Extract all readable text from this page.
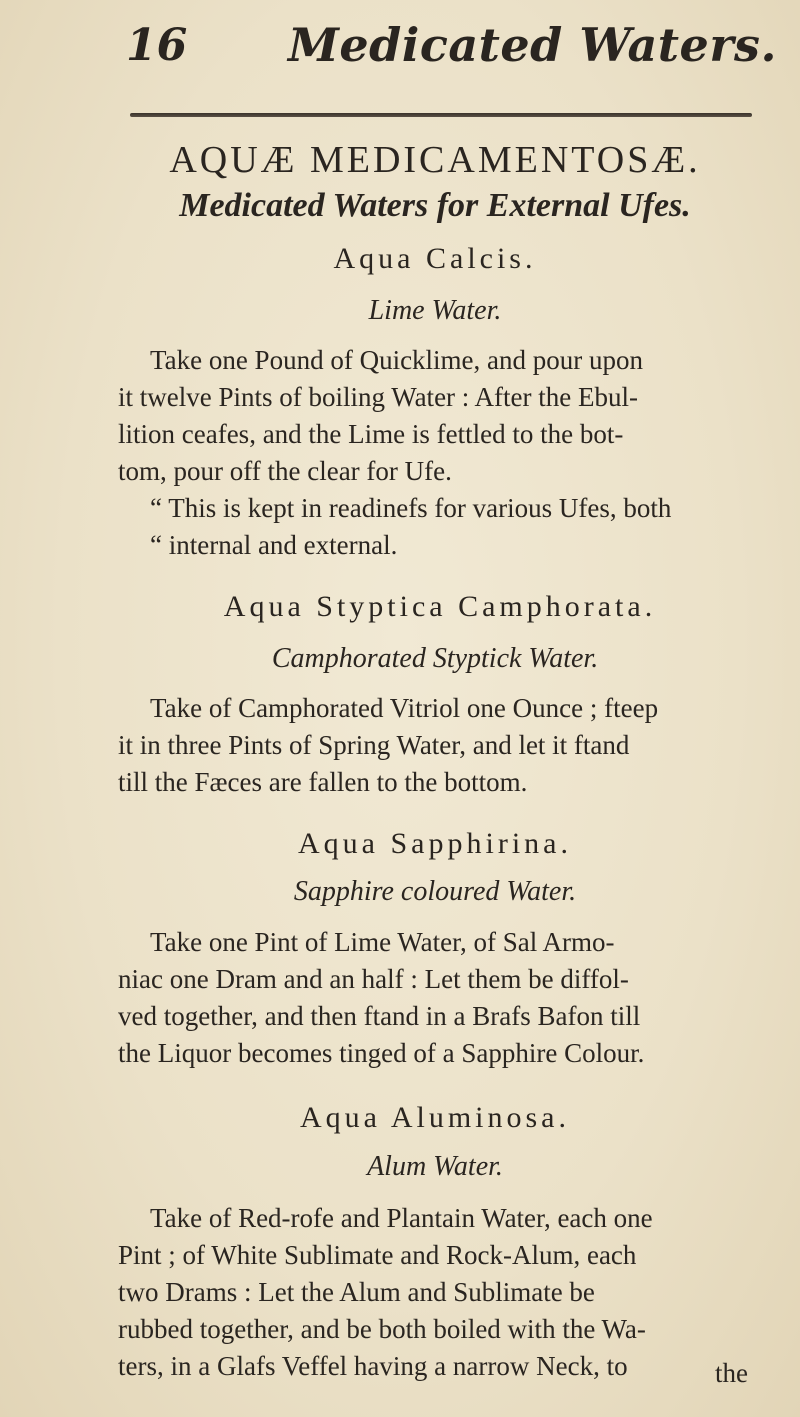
16 Medicated Waters.
AQUÆ MEDICAMENTOSÆ.
Medicated Waters for External Ufes.
Aqua Calcis.
Lime Water.
Take one Pound of Quicklime, and pour upon
it twelve Pints of boiling Water : After the Ebul-
lition ceafes, and the Lime is fettled to the bot-
tom, pour off the clear for Ufe.
“ This is kept in readinefs for various Ufes, both
“ internal and external.
Aqua Styptica Camphorata.
Camphorated Styptick Water.
Take of Camphorated Vitriol one Ounce ; fteep
it in three Pints of Spring Water, and let it ftand
till the Fæces are fallen to the bottom.
Aqua Sapphirina.
Sapphire coloured Water.
Take one Pint of Lime Water, of Sal Armo-
niac one Dram and an half : Let them be diffol-
ved together, and then ftand in a Brafs Bafon till
the Liquor becomes tinged of a Sapphire Colour.
Aqua Aluminosa.
Alum Water.
Take of Red-rofe and Plantain Water, each one
Pint ; of White Sublimate and Rock-Alum, each
two Drams : Let the Alum and Sublimate be
rubbed together, and be both boiled with the Wa-
ters, in a Glafs Veffel having a narrow Neck, to	the
